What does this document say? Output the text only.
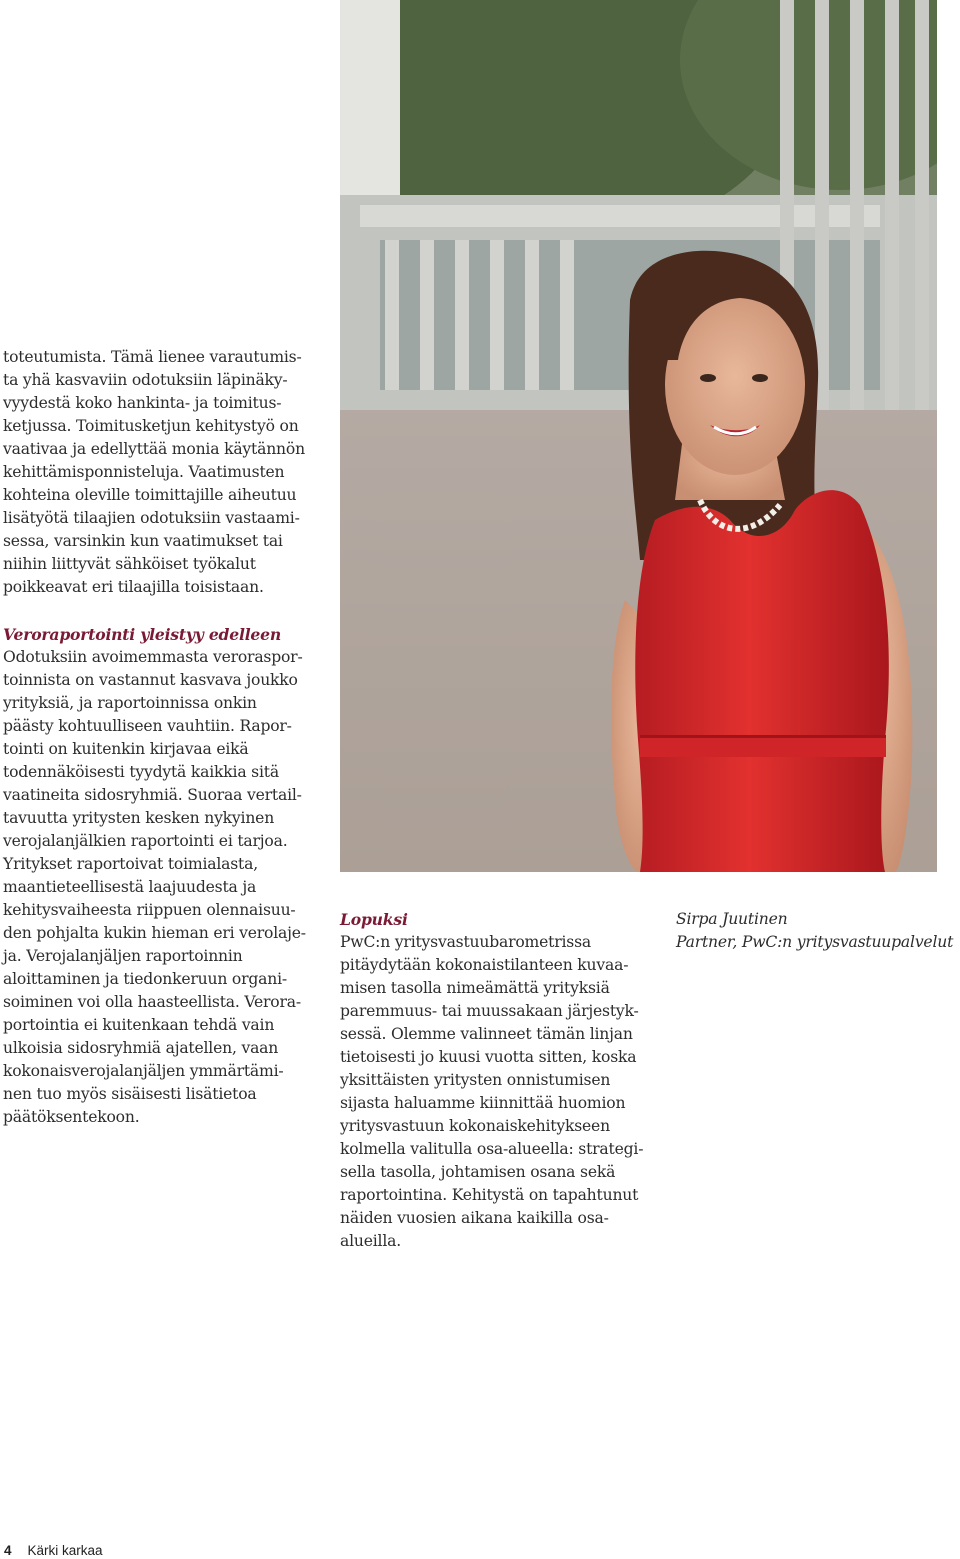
toteutumista. Tämä lienee varautumis-
ta yhä kasvaviin odotuksiin läpinäky-
vyydestä koko hankinta- ja toimitus-
ketjussa. Toimitusketjun kehitystyö on
vaativaa ja edellyttää monia käytännön
kehittämisponnisteluja. Vaatimusten
kohteina oleville toimittajille aiheutuu
lisätyötä tilaajien odotuksiin vastaami-
sessa, varsinkin kun vaatimukset tai
niihin liittyvät sähköiset työkalut
poikkeavat eri tilaajilla toisistaan.
Veroraportointi yleistyy edelleen
Odotuksiin avoimemmasta veroraspor-
toinnista on vastannut kasvava joukko
yrityksiä, ja raportoinnissa onkin
päästy kohtuulliseen vauhtiin. Rapor-
tointi on kuitenkin kirjavaa eikä
todennäköisesti tyydytä kaikkia sitä
vaatineita sidosryhmiä. Suoraa vertail-
tavuutta yritysten kesken nykyinen
verojalanjälkien raportointi ei tarjoa.
Yritykset raportoivat toimialasta,
maantieteellisestä laajuudesta ja
kehitysvaiheesta riippuen olennaisuu-
den pohjalta kukin hieman eri verolaje-
ja. Verojalanjäljen raportoinnin
aloittaminen ja tiedonkeruun organi-
soiminen voi olla haasteellista. Verora-
portointia ei kuitenkaan tehdä vain
ulkoisia sidosryhmiä ajatellen, vaan
kokonaisverojalanjäljen ymmärtämi-
nen tuo myös sisäisesti lisätietoa
päätöksentekoon.
Lopuksi
PwC:n yritysvastuubarometrissa
pitäydytään kokonaistilanteen kuvaa-
misen tasolla nimeämättä yrityksiä
paremmuus- tai muussakaan järjestyk-
sessä. Olemme valinneet tämän linjan
tietoisesti jo kuusi vuotta sitten, koska
yksittäisten yritysten onnistumisen
sijasta haluamme kiinnittää huomion
yritysvastuun kokonaiskehitykseen
kolmella valitulla osa-alueella: strategi-
sella tasolla, johtamisen osana sekä
raportointina. Kehitystä on tapahtunut
näiden vuosien aikana kaikilla osa-
alueilla.
Sirpa Juutinen
Partner, PwC:n yritysvastuupalvelut
4 Kärki karkaa
